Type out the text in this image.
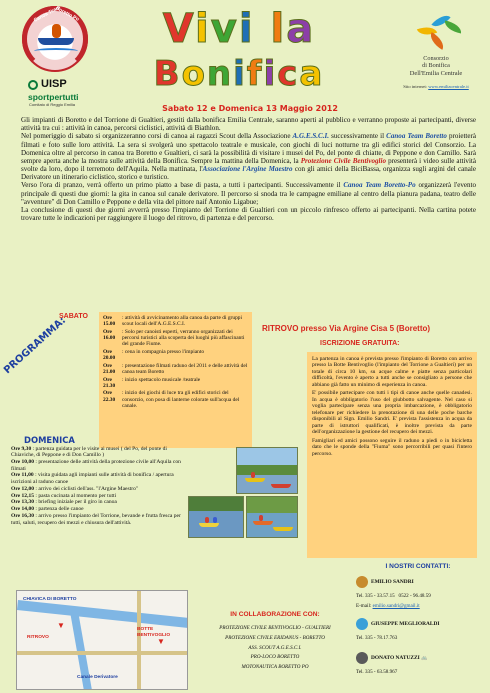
Canoa Team
Boretto Po
UISP
sportpertutti
Comitato di Reggio Emilia
Vivi la
Bonifica	Consorzio
di Bonifica
Dell'Emilia Centrale
Sito internet: www.emiliacentrale.it
Sabato 12 e Domenica 13 Maggio 2012

Gli impianti di Boretto e del Torrione di Gualtieri, gestiti dalla bonifica Emilia Centrale, saranno aperti al pubblico e verranno proposte ai partecipanti, diverse attività tra cui : attività in canoa, percorsi ciclistici, attività di Biathlon.

Nel pomeriggio di sabato si organizzeranno corsi di canoa ai ragazzi Scout della Associazione A.G.E.S.C.I. successivamente il Canoa Team Boretto proietterà filmati e foto sulle loro attività. La sera si svolgerà uno spettacolo teatrale e musicale, con giochi di luci notturne tra gli edifici storici del Consorzio. La Domenica oltre al percorso in canoa tra Boretto e Gualtieri, ci sarà la possibilità di visitare i musei del Po, del ponte di chiatte, di Peppone e don Camillo. Sarà sempre aperta anche la mostra sulle attività della Bonifica. Sempre la mattina della Domenica, la Protezione Civile Bentivoglio presenterà i video sulle attività svolte da loro, dopo il terremoto dell'Aquila. Nella mattinata, l'Associazione l'Argine Maestro con gli amici della BiciBassa, organizza sugli argini del canale Derivatore un itinerario ciclistico, storico e turistico.

Verso l'ora di pranzo, verrà offerto un primo piatto a base di pasta, a tutti i partecipanti. Successivamente il Canoa Team Boretto-Po organizzerà l'evento principale di questi due giorni: la gita in canoa sul canale derivatore. Il percorso si snoda tra le campagne emiliane al centro della pianura padana, teatro delle "avventure" di Don Camillo e Peppone e della vita del pittore naif Antonio Ligabue;

La conclusione di questi due giorni avverrà presso l'impianto del Torrione di Gualtieri con un piccolo rinfresco offerto ai partecipanti. Nella cartina potete trovare tutte le indicazioni per raggiungere il luogo del ritrovo, di partenza e del percorso.

PROGRAMMA:
SABATO	Ore 15.00
: attività di avvicinamento alla canoa da parte di gruppi scout locali dell'A.G.E.S.C.I.
Ore 16.00
: Solo per canoisti esperti, verranno organizzati dei percorsi turistici alla scoperta dei luoghi più affascinanti del grande Fiume.
Ore 20.00
: cena in compagnia presso l'impianto
Ore 21.00
: presentazione filmati raduno del 2011 e delle attività del canoa team Boretto
Ore 21.30
: inizio spettacolo musicale /teatrale
Ore 22.30
: inizio dei giochi di luce tra gli edifici storici del consorzio, con posa di lanterne colorate sull'acqua del canale.
DOMENICA
Ore 9,30 : partenza guidata per le visite ai musei ( del Po, del ponte di Chiaviche, di Peppone e di Don Camillo )
Ore 10,00 : presentazione delle attività della protezione civile all'Aquila con filmati
Ore 11,00 : visita guidata agli impianti sulle attività di bonifica / apertura iscrizioni al raduno canoe
Ore 12,00 : arrivo dei ciclisti dell'ass. "l'Argine Maestro"
Ore 12,15 : pasta cucinata al momento per tutti
Ore 13,30 : briefing iniziale per il giro in canoa
Ore 14,00 : partenza delle canoe
Ore 16,30 : arrivo presso l'impianto del Torrione, bevande e frutta fresca per tutti, saluti, recupero dei mezzi e chiusura dell'attività.
RITROVO presso Via Argine Cisa 5 (Boretto)
ISCRIZIONE GRATUITA:

La partenza in canoa è prevista presso l'impianto di Boretto con arrivo presso la Botte Bentivoglio (l'impianto del Torrione a Gualtieri) per un totale di circa 10 km, su acque calme e piatte senza particolari difficoltà, l'evento è aperto a tutti anche se consigliato a persone che abbiano già fatto un minimo di esperienza in canoa.

E' possibile partecipare con tutti i tipi di canoe anche quelle canadesi. In acqua è obbligatorio l'uso del giubbotto salvagente. Nel caso si voglia partecipare senza una propria imbarcazione, è obbligatorio telefonare per richiedere la prenotazione di una delle poche barche disponibili al Sign. Emilio Sandri. E' prevista l'assistenza in acqua da parte di istruttori qualificati, è inoltre prevista da parte dell'organizzazione la gestione del recupero dei mezzi.

Famigliari ed amici possono seguire il raduno a piedi o in bicicletta dato che le sponde della "Fiuma" sono percorribili per quasi l'intero percorso.

CHIAVICA DI BORETTO
BOTTE BENTIVOGLIO
Canale Derivatore
RITROVO
▼
▼
IN COLLABORAZIONE CON:
PROTEZIONE CIVILE BENTIVOGLIO - GUALTIERI
PROTEZIONE CIVILE ERIDANUS - BORETTO
ASS. SCOUT A.G.E.S.C.I.
PRO-LOCO BORETTO
MOTONAUTICA BORETTO PO
I NOSTRI CONTATTI:
EMILIO SANDRI
Tel. 335 - 33.57.15 0522 - 96.48.59
E-mail: emilio.sandri@gmail.it
GIUSEPPE MEGLIORALDI
Tel. 335 - 78.17.763
DONATO NATUZZI 🚲
Tel. 335 - 63.58.967
